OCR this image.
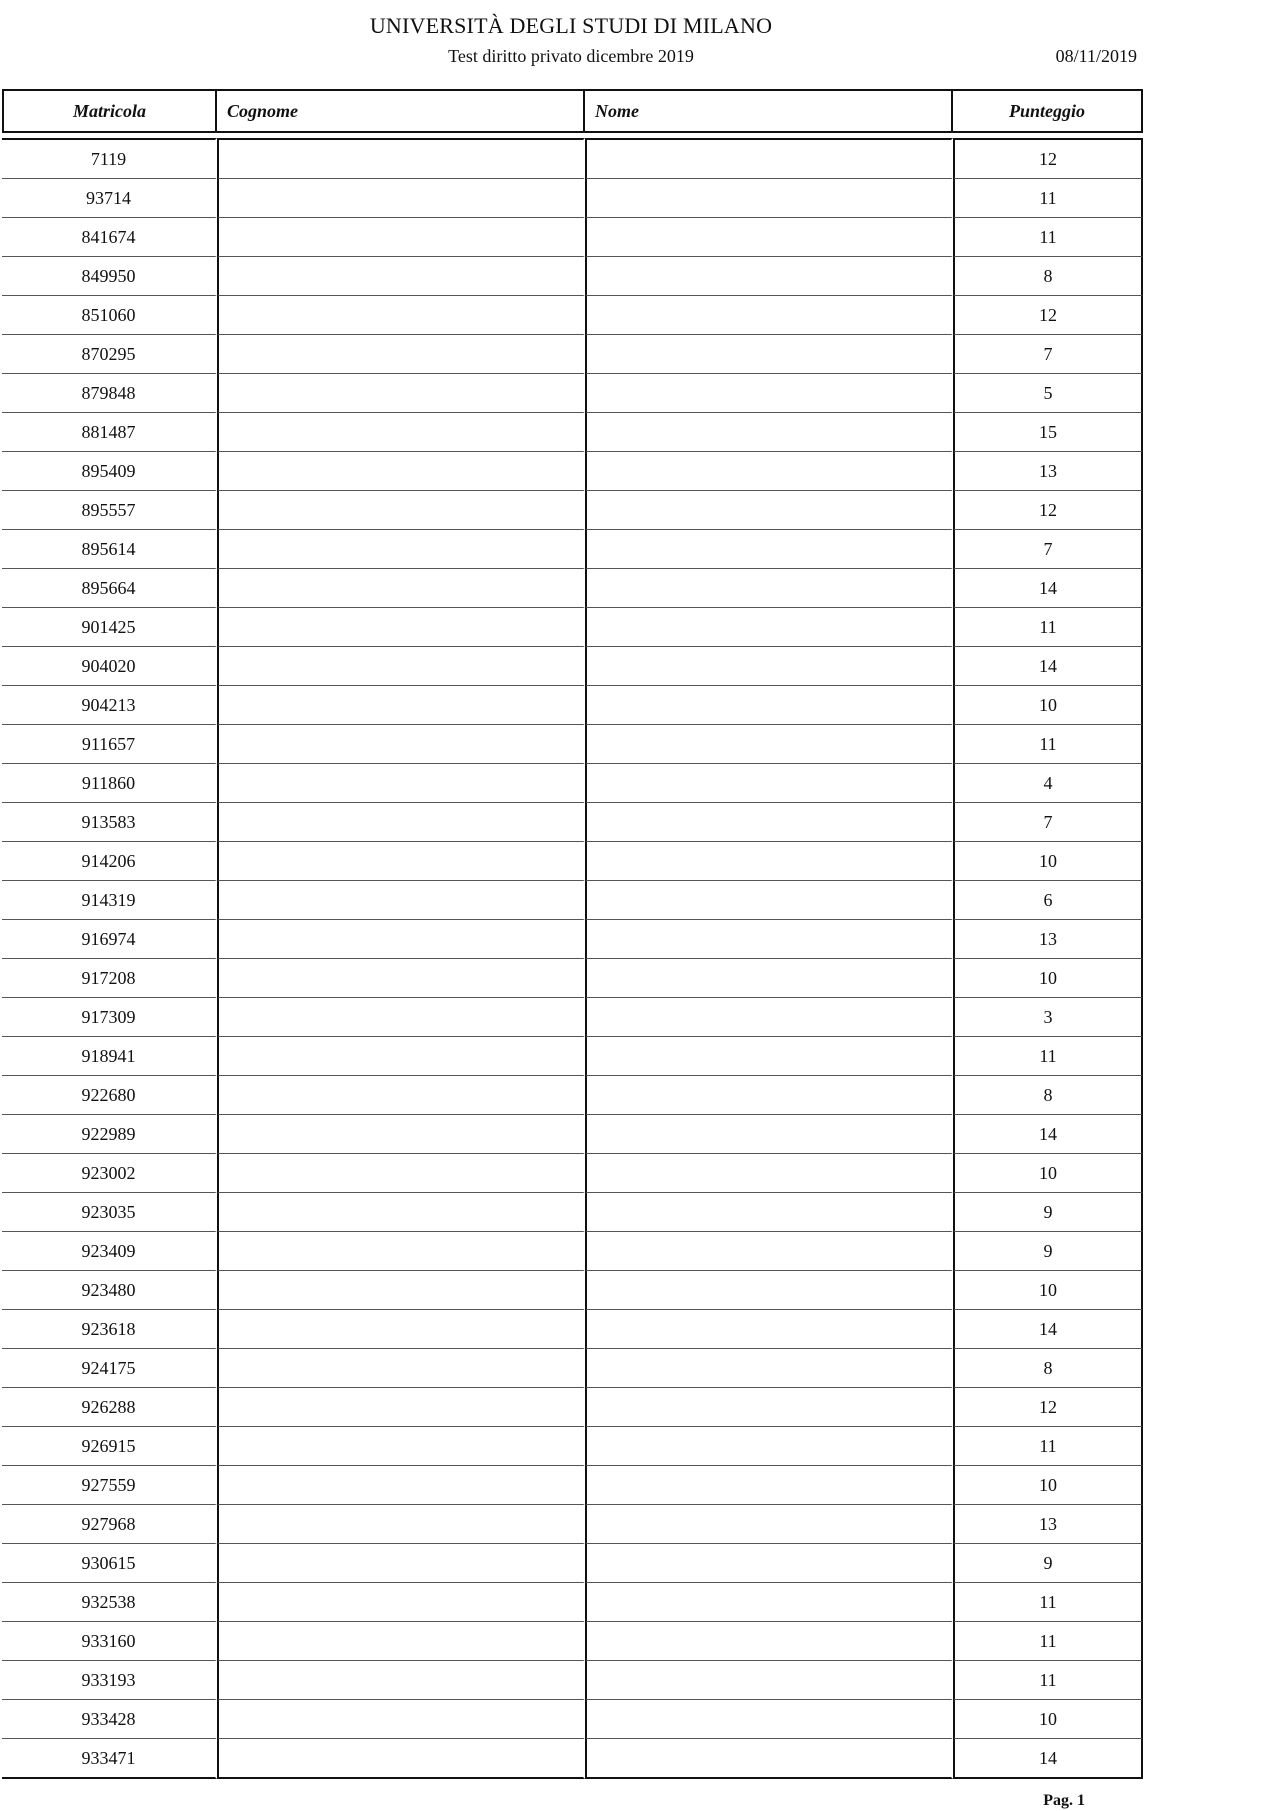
UNIVERSITÀ DEGLI STUDI DI MILANO
Test diritto privato dicembre 2019	08/11/2019
Matricola	Cognome	Nome	Punteggio

7119			12
93714			11
841674			11
849950			8
851060			12
870295			7
879848			5
881487			15
895409			13
895557			12
895614			7
895664			14
901425			11
904020			14
904213			10
911657			11
911860			4
913583			7
914206			10
914319			6
916974			13
917208			10
917309			3
918941			11
922680			8
922989			14
923002			10
923035			9
923409			9
923480			10
923618			14
924175			8
926288			12
926915			11
927559			10
927968			13
930615			9
932538			11
933160			11
933193			11
933428			10
933471			14
Pag. 1
